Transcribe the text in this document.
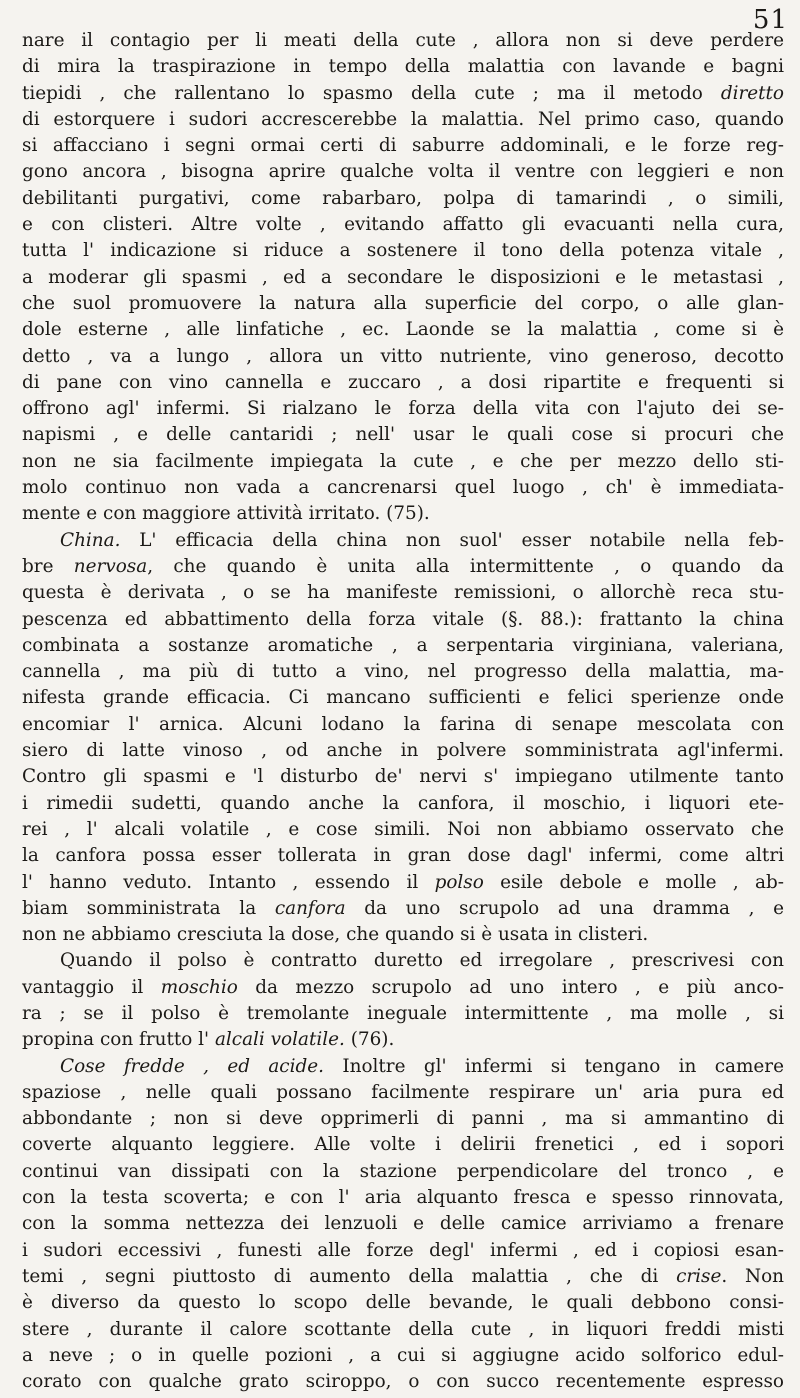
51
nare il contagio per li meati della cute , allora non si deve perdere
di mira la traspirazione in tempo della malattia con lavande e bagni
tiepidi , che rallentano lo spasmo della cute ; ma il metodo diretto
di estorquere i sudori accrescerebbe la malattia. Nel primo caso, quando
si affacciano i segni ormai certi di saburre addominali, e le forze reg-
gono ancora , bisogna aprire qualche volta il ventre con leggieri e non
debilitanti purgativi, come rabarbaro, polpa di tamarindi , o simili,
e con clisteri. Altre volte , evitando affatto gli evacuanti nella cura,
tutta l' indicazione si riduce a sostenere il tono della potenza vitale ,
a moderar gli spasmi , ed a secondare le disposizioni e le metastasi ,
che suol promuovere la natura alla superficie del corpo, o alle glan-
dole esterne , alle linfatiche , ec. Laonde se la malattia , come si è
detto , va a lungo , allora un vitto nutriente, vino generoso, decotto
di pane con vino cannella e zuccaro , a dosi ripartite e frequenti si
offrono agl' infermi. Si rialzano le forza della vita con l'ajuto dei se-
napismi , e delle cantaridi ; nell' usar le quali cose si procuri che
non ne sia facilmente impiegata la cute , e che per mezzo dello sti-
molo continuo non vada a cancrenarsi quel luogo , ch' è immediata-
mente e con maggiore attività irritato. (75).
China. L' efficacia della china non suol' esser notabile nella feb-
bre nervosa, che quando è unita alla intermittente , o quando da
questa è derivata , o se ha manifeste remissioni, o allorchè reca stu-
pescenza ed abbattimento della forza vitale (§. 88.): frattanto la china
combinata a sostanze aromatiche , a serpentaria virginiana, valeriana,
cannella , ma più di tutto a vino, nel progresso della malattia, ma-
nifesta grande efficacia. Ci mancano sufficienti e felici sperienze onde
encomiar l' arnica. Alcuni lodano la farina di senape mescolata con
siero di latte vinoso , od anche in polvere somministrata agl'infermi.
Contro gli spasmi e 'l disturbo de' nervi s' impiegano utilmente tanto
i rimedii sudetti, quando anche la canfora, il moschio, i liquori ete-
rei , l' alcali volatile , e cose simili. Noi non abbiamo osservato che
la canfora possa esser tollerata in gran dose dagl' infermi, come altri
l' hanno veduto. Intanto , essendo il polso esile debole e molle , ab-
biam somministrata la canfora da uno scrupolo ad una dramma , e
non ne abbiamo cresciuta la dose, che quando si è usata in clisteri.
Quando il polso è contratto duretto ed irregolare , prescrivesi con
vantaggio il moschio da mezzo scrupolo ad uno intero , e più anco-
ra ; se il polso è tremolante ineguale intermittente , ma molle , si
propina con frutto l' alcali volatile. (76).
Cose fredde , ed acide. Inoltre gl' infermi si tengano in camere
spaziose , nelle quali possano facilmente respirare un' aria pura ed
abbondante ; non si deve opprimerli di panni , ma si ammantino di
coverte alquanto leggiere. Alle volte i delirii frenetici , ed i sopori
continui van dissipati con la stazione perpendicolare del tronco , e
con la testa scoverta; e con l' aria alquanto fresca e spesso rinnovata,
con la somma nettezza dei lenzuoli e delle camice arriviamo a frenare
i sudori eccessivi , funesti alle forze degl' infermi , ed i copiosi esan-
temi , segni piuttosto di aumento della malattia , che di crise. Non
è diverso da questo lo scopo delle bevande, le quali debbono consi-
stere , durante il calore scottante della cute , in liquori freddi misti
a neve ; o in quelle pozioni , a cui si aggiugne acido solforico edul-
corato con qualche grato sciroppo, o con succo recentemente espresso
